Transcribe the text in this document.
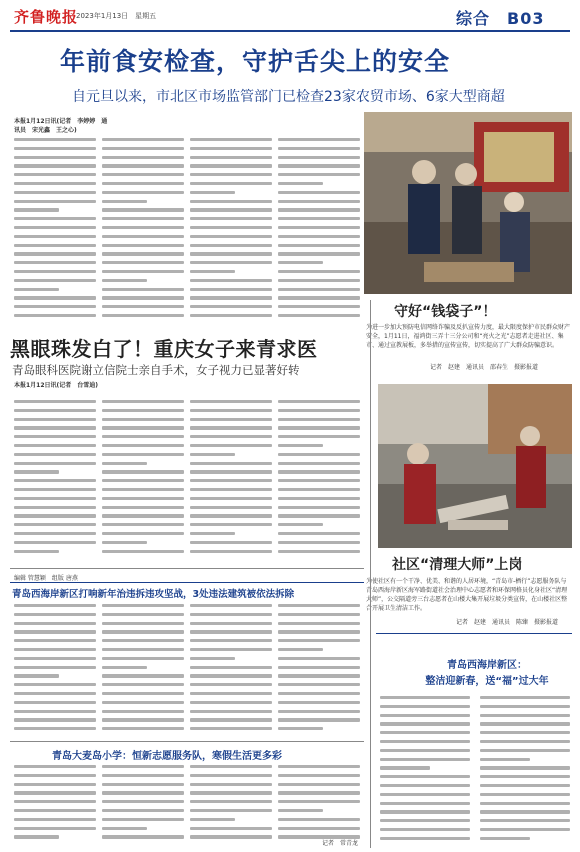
齐鲁晚报
2023年1月13日　星期五	综合　B03
年前食安检查，守护舌尖上的安全
自元旦以来，市北区市场监管部门已检查23家农贸市场、6家大型商超
本报1月12日讯(记者　李婷婷　通讯员　宋光鑫　王之心)
守好“钱袋子”！
为进一步加大预防电信网络诈骗及反扒宣传力度，最大限度保护市民群众财产安全，1月11日，福鸿街三弄十三分公司和“亮火之光”志愿者走进社区、集市、通过宣教展板，多举措的宣传宣传，切实提高了广大群众防骗意识。
记者　赵建　通讯员　邵春生　摄影报道
黑眼珠发白了！重庆女子来青求医
青岛眼科医院谢立信院士亲自手术，女子视力已显著好转
本报1月12日讯(记者　台雪迪)
编辑 管慧颖　组版 唐燕
社区“清理大师”上岗
为使社区有一个干净、优美、和谐的人居环境，“青岛市-栖行”志愿服务队与青岛西海岸新区海军路街道社会治理中心志愿者和环保网格员化身社区“清理大师”，公交隔道旁三台志愿者在山楼大集开展垃圾分类宣传，在山楼社区整合开展卫生清洁工作。
记者　赵建　通讯员　陈臻　摄影报道
青岛西海岸新区打响新年治违拆违攻坚战，3处违法建筑被依法拆除
青岛大麦岛小学：恒新志愿服务队，寒假生活更多彩
记者　常青龙
青岛西海岸新区：
整洁迎新春，送“福”过大年
